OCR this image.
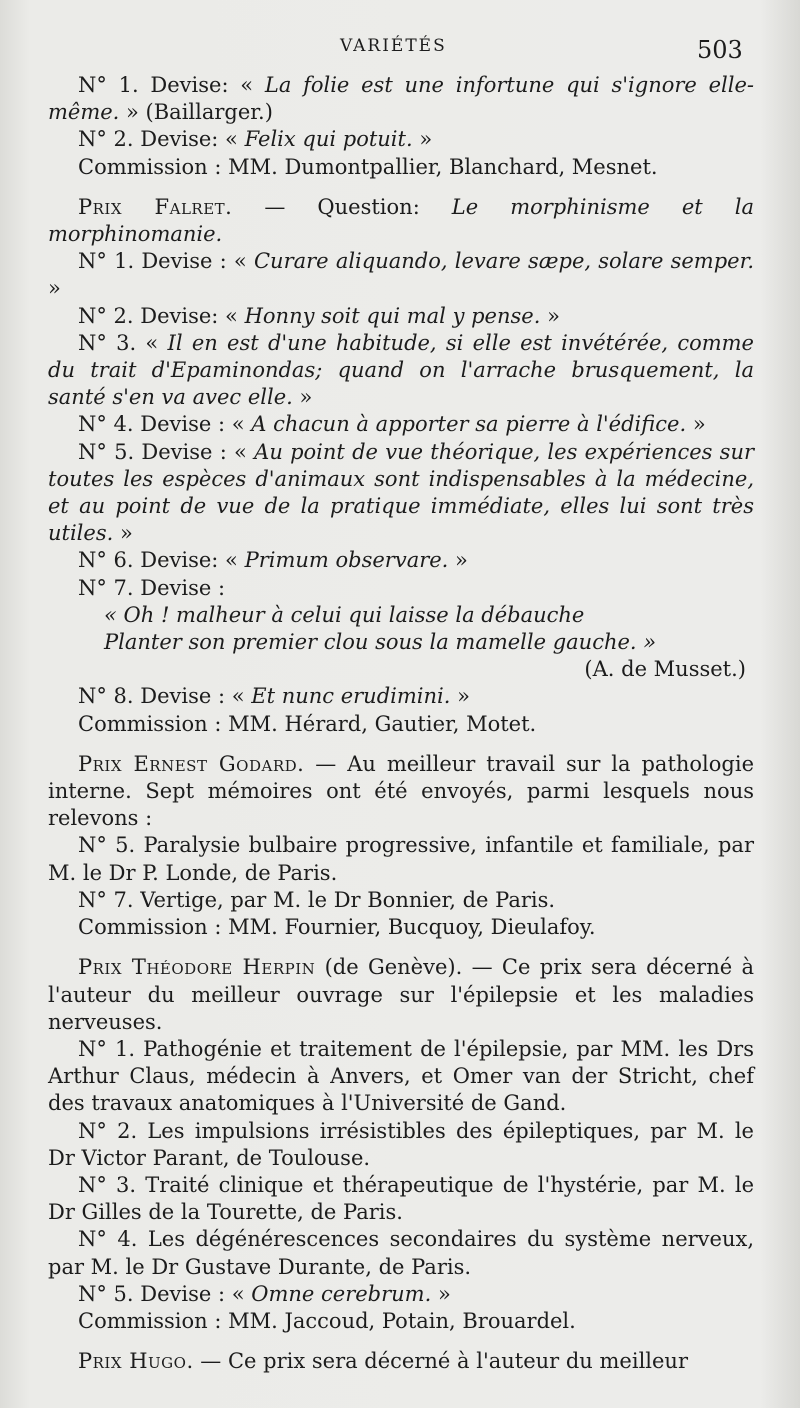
VARIÉTÉS	503

N° 1. Devise: « La folie est une infortune qui s'ignore elle-même. » (Baillarger.)

N° 2. Devise: « Felix qui potuit. »

Commission : MM. Dumontpallier, Blanchard, Mesnet.

Prix Falret. — Question: Le morphinisme et la morphinomanie.

N° 1. Devise : « Curare aliquando, levare sæpe, solare semper. »

N° 2. Devise: « Honny soit qui mal y pense. »

N° 3. « Il en est d'une habitude, si elle est invétérée, comme du trait d'Epaminondas; quand on l'arrache brusquement, la santé s'en va avec elle. »

N° 4. Devise : « A chacun à apporter sa pierre à l'édifice. »

N° 5. Devise : « Au point de vue théorique, les expériences sur toutes les espèces d'animaux sont indispensables à la médecine, et au point de vue de la pratique immédiate, elles lui sont très utiles. »

N° 6. Devise: « Primum observare. »

N° 7. Devise :

« Oh ! malheur à celui qui laisse la débauche

Planter son premier clou sous la mamelle gauche. »

(A. de Musset.)

N° 8. Devise : « Et nunc erudimini. »

Commission : MM. Hérard, Gautier, Motet.

Prix Ernest Godard. — Au meilleur travail sur la pathologie interne. Sept mémoires ont été envoyés, parmi lesquels nous relevons :

N° 5. Paralysie bulbaire progressive, infantile et familiale, par M. le Dr P. Londe, de Paris.

N° 7. Vertige, par M. le Dr Bonnier, de Paris.

Commission : MM. Fournier, Bucquoy, Dieulafoy.

Prix Théodore Herpin (de Genève). — Ce prix sera décerné à l'auteur du meilleur ouvrage sur l'épilepsie et les maladies nerveuses.

N° 1. Pathogénie et traitement de l'épilepsie, par MM. les Drs Arthur Claus, médecin à Anvers, et Omer van der Stricht, chef des travaux anatomiques à l'Université de Gand.

N° 2. Les impulsions irrésistibles des épileptiques, par M. le Dr Victor Parant, de Toulouse.

N° 3. Traité clinique et thérapeutique de l'hystérie, par M. le Dr Gilles de la Tourette, de Paris.

N° 4. Les dégénérescences secondaires du système nerveux, par M. le Dr Gustave Durante, de Paris.

N° 5. Devise : « Omne cerebrum. »

Commission : MM. Jaccoud, Potain, Brouardel.

Prix Hugo. — Ce prix sera décerné à l'auteur du meilleur
